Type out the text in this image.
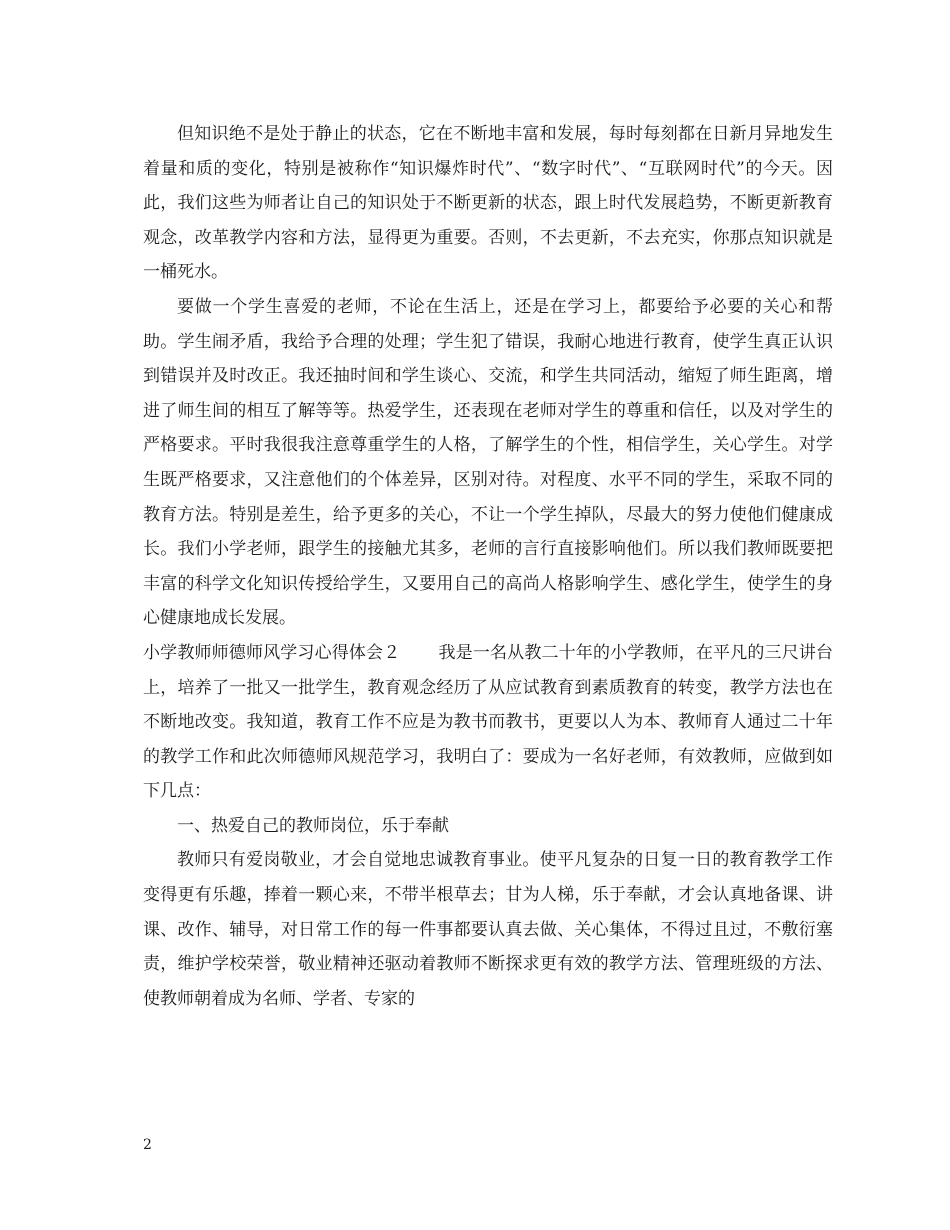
但知识绝不是处于静止的状态，它在不断地丰富和发展，每时每刻都在日新月异地发生着量和质的变化，特别是被称作“知识爆炸时代”、“数字时代”、“互联网时代”的今天。因此，我们这些为师者让自己的知识处于不断更新的状态，跟上时代发展趋势，不断更新教育观念，改革教学内容和方法，显得更为重要。否则，不去更新，不去充实，你那点知识就是一桶死水。

要做一个学生喜爱的老师，不论在生活上，还是在学习上，都要给予必要的关心和帮助。学生闹矛盾，我给予合理的处理；学生犯了错误，我耐心地进行教育，使学生真正认识到错误并及时改正。我还抽时间和学生谈心、交流，和学生共同活动，缩短了师生距离，增进了师生间的相互了解等等。热爱学生，还表现在老师对学生的尊重和信任，以及对学生的严格要求。平时我很我注意尊重学生的人格，了解学生的个性，相信学生，关心学生。对学生既严格要求，又注意他们的个体差异，区别对待。对程度、水平不同的学生，采取不同的教育方法。特别是差生，给予更多的关心，不让一个学生掉队，尽最大的努力使他们健康成长。我们小学老师，跟学生的接触尤其多，老师的言行直接影响他们。所以我们教师既要把丰富的科学文化知识传授给学生，又要用自己的高尚人格影响学生、感化学生，使学生的身心健康地成长发展。

小学教师师德师风学习心得体会２ 我是一名从教二十年的小学教师，在平凡的三尺讲台上，培养了一批又一批学生，教育观念经历了从应试教育到素质教育的转变，教学方法也在不断地改变。我知道，教育工作不应是为教书而教书，更要以人为本、教师育人通过二十年的教学工作和此次师德师风规范学习，我明白了：要成为一名好老师，有效教师，应做到如下几点：

一、热爱自己的教师岗位，乐于奉献

教师只有爱岗敬业，才会自觉地忠诚教育事业。使平凡复杂的日复一日的教育教学工作变得更有乐趣，捧着一颗心来，不带半根草去；甘为人梯，乐于奉献，才会认真地备课、讲课、改作、辅导，对日常工作的每一件事都要认真去做、关心集体，不得过且过，不敷衍塞责，维护学校荣誉，敬业精神还驱动着教师不断探求更有效的教学方法、管理班级的方法、使教师朝着成为名师、学者、专家的

2
